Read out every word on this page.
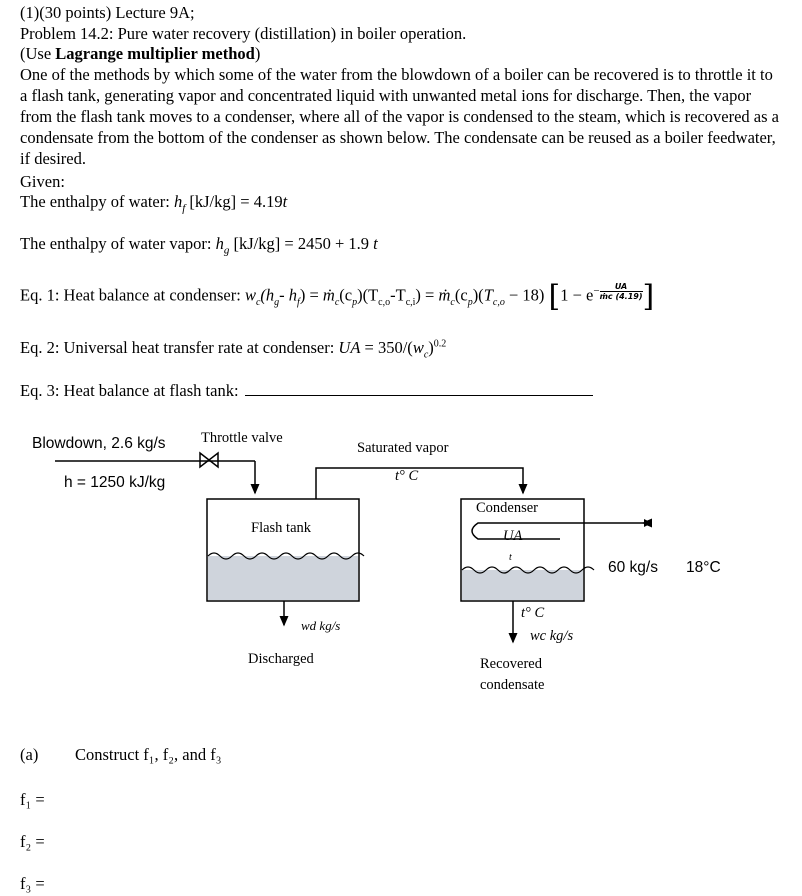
(1)(30 points) Lecture 9A;
Problem 14.2: Pure water recovery (distillation) in boiler operation.
(Use Lagrange multiplier method)
One of the methods by which some of the water from the blowdown of a boiler can be recovered is to throttle it to a flash tank, generating vapor and concentrated liquid with unwanted metal ions for discharge. Then, the vapor from the flash tank moves to a condenser, where all of the vapor is condensed to the steam, which is recovered as a condensate from the bottom of the condenser as shown below. The condensate can be reused as a boiler feedwater, if desired.
Given:
The enthalpy of water: $h_f$ [kJ/kg] = 4.19t
The enthalpy of water vapor: $h_g$ [kJ/kg] = 2450 + 1.9 t
Eq. 1: Heat balance at condenser: $w_c(h_g-$ $h_f$) = $ṁ_c(c_p)(T_{c,o}-T_{c,i})$ = $ṁ_c(c_p)(T_{c,o} - 18) [1 - e^{- \frac{UA}{\text{ṁc (4.19)}}}$ ]
Eq. 2: Universal heat transfer rate at condenser: UA = $350/(w_c)^{0.2}$
Eq. 3: Heat balance at flash tank:
Blowdown, 2.6 kg/s
h = 1250 kJ/kg
Throttle valve
Saturated vapor
t° C
Flash tank
Condenser
UA
t
60 kg/s 18°C
wd kg/s
Discharged
t° C
wc kg/s
Recovered
condensate
(a) Construct f₁, f₂, and f₃
f₁ =
f₂ =
f₃ =
